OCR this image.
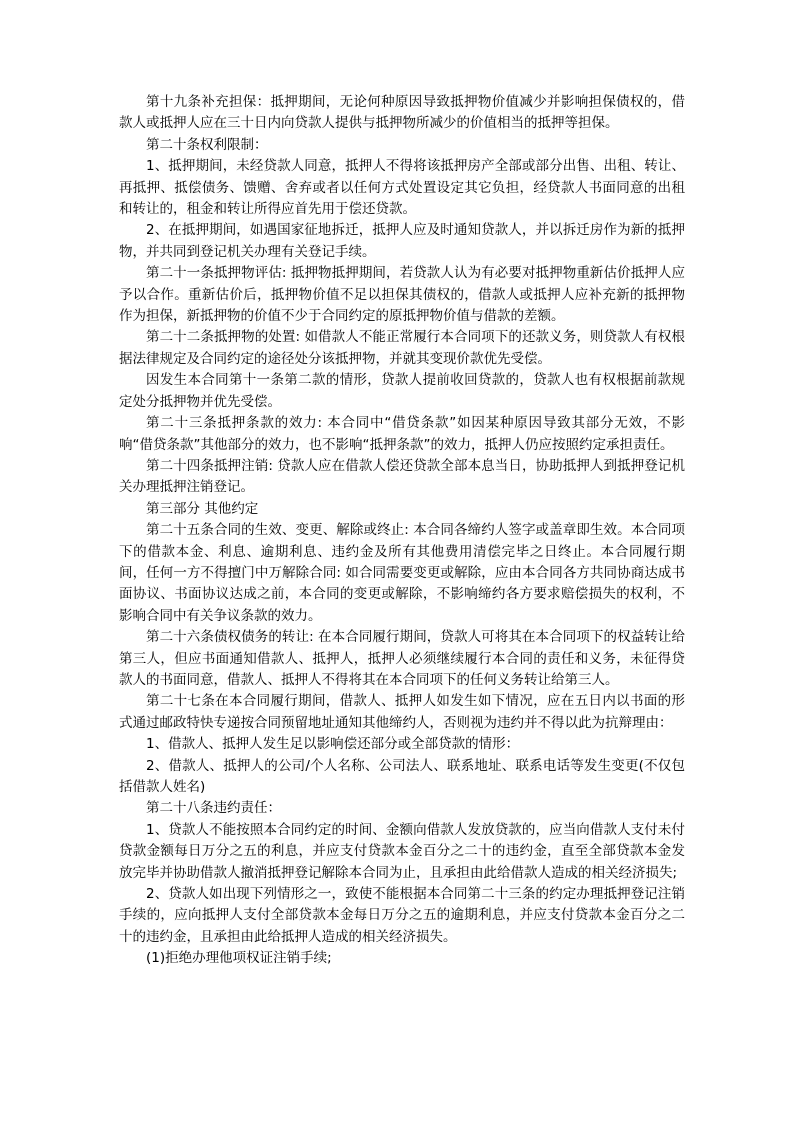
第十九条补充担保：抵押期间，无论何种原因导致抵押物价值减少并影响担保债权的，借款人或抵押人应在三十日内向贷款人提供与抵押物所减少的价值相当的抵押等担保。

第二十条权利限制：

1、抵押期间，未经贷款人同意，抵押人不得将该抵押房产全部或部分出售、出租、转让、再抵押、抵偿债务、馈赠、舍弃或者以任何方式处置设定其它负担，经贷款人书面同意的出租和转让的，租金和转让所得应首先用于偿还贷款。

2、在抵押期间，如遇国家征地拆迁，抵押人应及时通知贷款人，并以拆迁房作为新的抵押物，并共同到登记机关办理有关登记手续。

第二十一条抵押物评估: 抵押物抵押期间，若贷款人认为有必要对抵押物重新估价抵押人应予以合作。重新估价后，抵押物价值不足以担保其债权的，借款人或抵押人应补充新的抵押物作为担保，新抵押物的价值不少于合同约定的原抵押物价值与借款的差额。

第二十二条抵押物的处置: 如借款人不能正常履行本合同项下的还款义务，则贷款人有权根据法律规定及合同约定的途径处分该抵押物，并就其变现价款优先受偿。

因发生本合同第十一条第二款的情形，贷款人提前收回贷款的，贷款人也有权根据前款规定处分抵押物并优先受偿。

第二十三条抵押条款的效力: 本合同中“借贷条款”如因某种原因导致其部分无效，不影响“借贷条款”其他部分的效力，也不影响“抵押条款”的效力，抵押人仍应按照约定承担责任。

第二十四条抵押注销: 贷款人应在借款人偿还贷款全部本息当日，协助抵押人到抵押登记机关办理抵押注销登记。

第三部分 其他约定

第二十五条合同的生效、变更、解除或终止: 本合同各缔约人签字或盖章即生效。本合同项下的借款本金、利息、逾期利息、违约金及所有其他费用清偿完毕之日终止。本合同履行期间，任何一方不得擅门中万解除合同: 如合同需要变更或解除，应由本合同各方共同协商达成书面协议、书面协议达成之前，本合同的变更或解除，不影响缔约各方要求赔偿损失的权利，不影响合同中有关争议条款的效力。

第二十六条债权债务的转让: 在本合同履行期间，贷款人可将其在本合同项下的权益转让给第三人，但应书面通知借款人、抵押人，抵押人必须继续履行本合同的责任和义务，未征得贷款人的书面同意，借款人、抵押人不得将其在本合同项下的任何义务转让给第三人。

第二十七条在本合同履行期间，借款人、抵押人如发生如下情况，应在五日内以书面的形式通过邮政特快专递按合同预留地址通知其他缔约人，否则视为违约并不得以此为抗辩理由：

1、借款人、抵押人发生足以影响偿还部分或全部贷款的情形：

2、借款人、抵押人的公司/个人名称、公司法人、联系地址、联系电话等发生变更(不仅包括借款人姓名)

第二十八条违约责任：

1、贷款人不能按照本合同约定的时间、金额向借款人发放贷款的，应当向借款人支付未付贷款金额每日万分之五的利息，并应支付贷款本金百分之二十的违约金，直至全部贷款本金发放完毕并协助借款人撤消抵押登记解除本合同为止，且承担由此给借款人造成的相关经济损失;

2、贷款人如出现下列情形之一，致使不能根据本合同第二十三条的约定办理抵押登记注销手续的，应向抵押人支付全部贷款本金每日万分之五的逾期利息，并应支付贷款本金百分之二十的违约金，且承担由此给抵押人造成的相关经济损失。

(1)拒绝办理他项权证注销手续;
